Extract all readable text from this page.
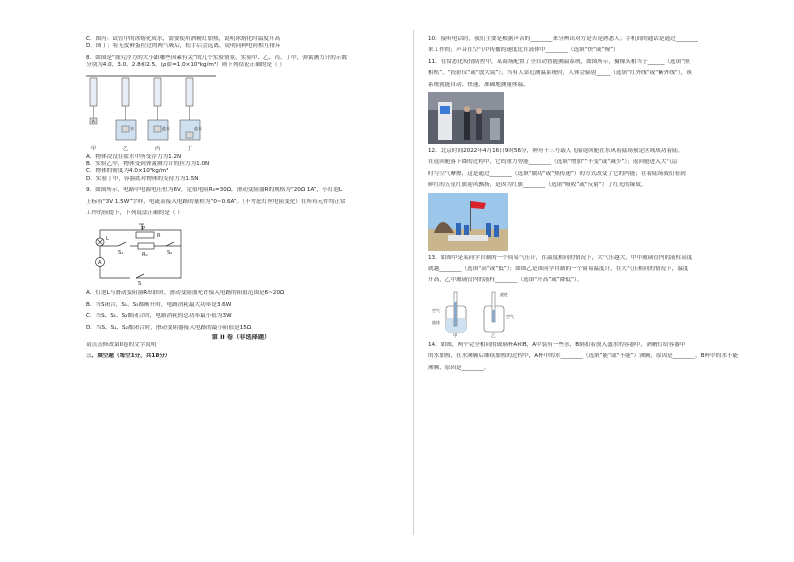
C．图丙：试管中的冰熔化成水，需要使用酒精灯加热，说明冰熔化时温度升高
D．图丁：将无皮鲜蛋拉过的两气吸后，松手后会远离，说明同种电荷相互排斥
8．如图是“探究浮力的大小跟哪些因素有关”的几个实验情景，实验甲、乙、丙、丁中，弹簧测力计的示数
分别为4.0、3.0、2.8和2.5。(ρ盐=1.0×10³kg/m³）则下列结论正确的是（ ）
A
水	盐水	盐水
甲	乙	丙	丁
A．物体浸没在盐水中所受浮力为1.2N
B．实验乙中，物体受到弹簧测力计的拉力为1.0N
C．物体的密度为4.0×10³kg/m³
D．实验丁中，容器底对物体的支持力为1.5N
9．如图所示，电路中电源电压恒为6V，定值电阻R₀=30Ω，滑动变阻器R的规格为“20Ω 1A”，小灯泡L
上标有“3V 1.5W”字样，电流表接入电路的量程为“0~0.6A”。（不考虑灯丝电阻变化）在所有元件均正常
工作的前提下，下列说法正确的是（ ）
P
R
L
S₁	R₀	S₂
A
S
A．灯泡L与滑动变阻器R串联时，滑动变阻器允许接入电路的阻值范围是6~20Ω
B．当S闭合，S₁、S₂都断开时，电路消耗最大功率是3.6W
C．当S、S₁、S₂都闭合时，电路消耗的总功率最小值为3W
D．当S、S₁、S₂都闭合时，滑动变阻器接入电路的最小阻值是15Ω
第 II 卷（非选择题）
请点击修改第II卷的文字说明
三、填空题（每空1分，共18分）
10．接听电话时，我们主要是根据声音的________来分辨出对方是否是熟悉人；手机间的通话是通过________
来工作的；声音在空气中传播的速度比在液体中________（选填“快”或“慢”）
11．在常态化疫情防控中，某商场配置了全自动智能测温系统，如图所示，摄像头相当于______（选填“照
相机”、“投影仪”或“放大镜”），当有人靠近测温系统时，人体会辐射_____（选填“红外线”或“紫外线”），该
系统就能自动、快速、准确地测量体温。
12．北京时间2022年4月16日9时56分，神舟十三号载人飞船返回舱在东风着陆场预定区域成功着陆。
在返回舱落下降的过程中，它的重力势能________（选填“增加”“不变”或“减少”）；返回舱进入大气层
时与空气摩擦，这是通过________（选填“做功”或“热传递”）的方式改变了它的内能；在着陆场我们看到
鲜红的五星红旗迎风飘扬，是因为红旗________（选填“吸收”或“反射”）了红光的缘故。
13．如图甲是某同学自制的一个简易气压计，在温度相同的情况下，大气压越大，甲中玻璃管内的液柱高度
就越________（选填“高”或“低”）；如图乙是该同学自制的一个简易温度计，在大气压相同的情况下，温度
升高，乙中玻璃管内的液柱________（选填“升高”或“降低”）。
空气
液体
甲	乙
液柱
空气
14．如图，两个完全相同的玻璃杯A和B，A中装有一些水，B倒扣着放入盛水的容器中，酒精灯给容器中
的水加热，在水沸腾后继续加热的过程中，A杯中的水________（选填“能”或“不能”）沸腾，原因是________。B杯中的水不能
沸腾，原因是________。
